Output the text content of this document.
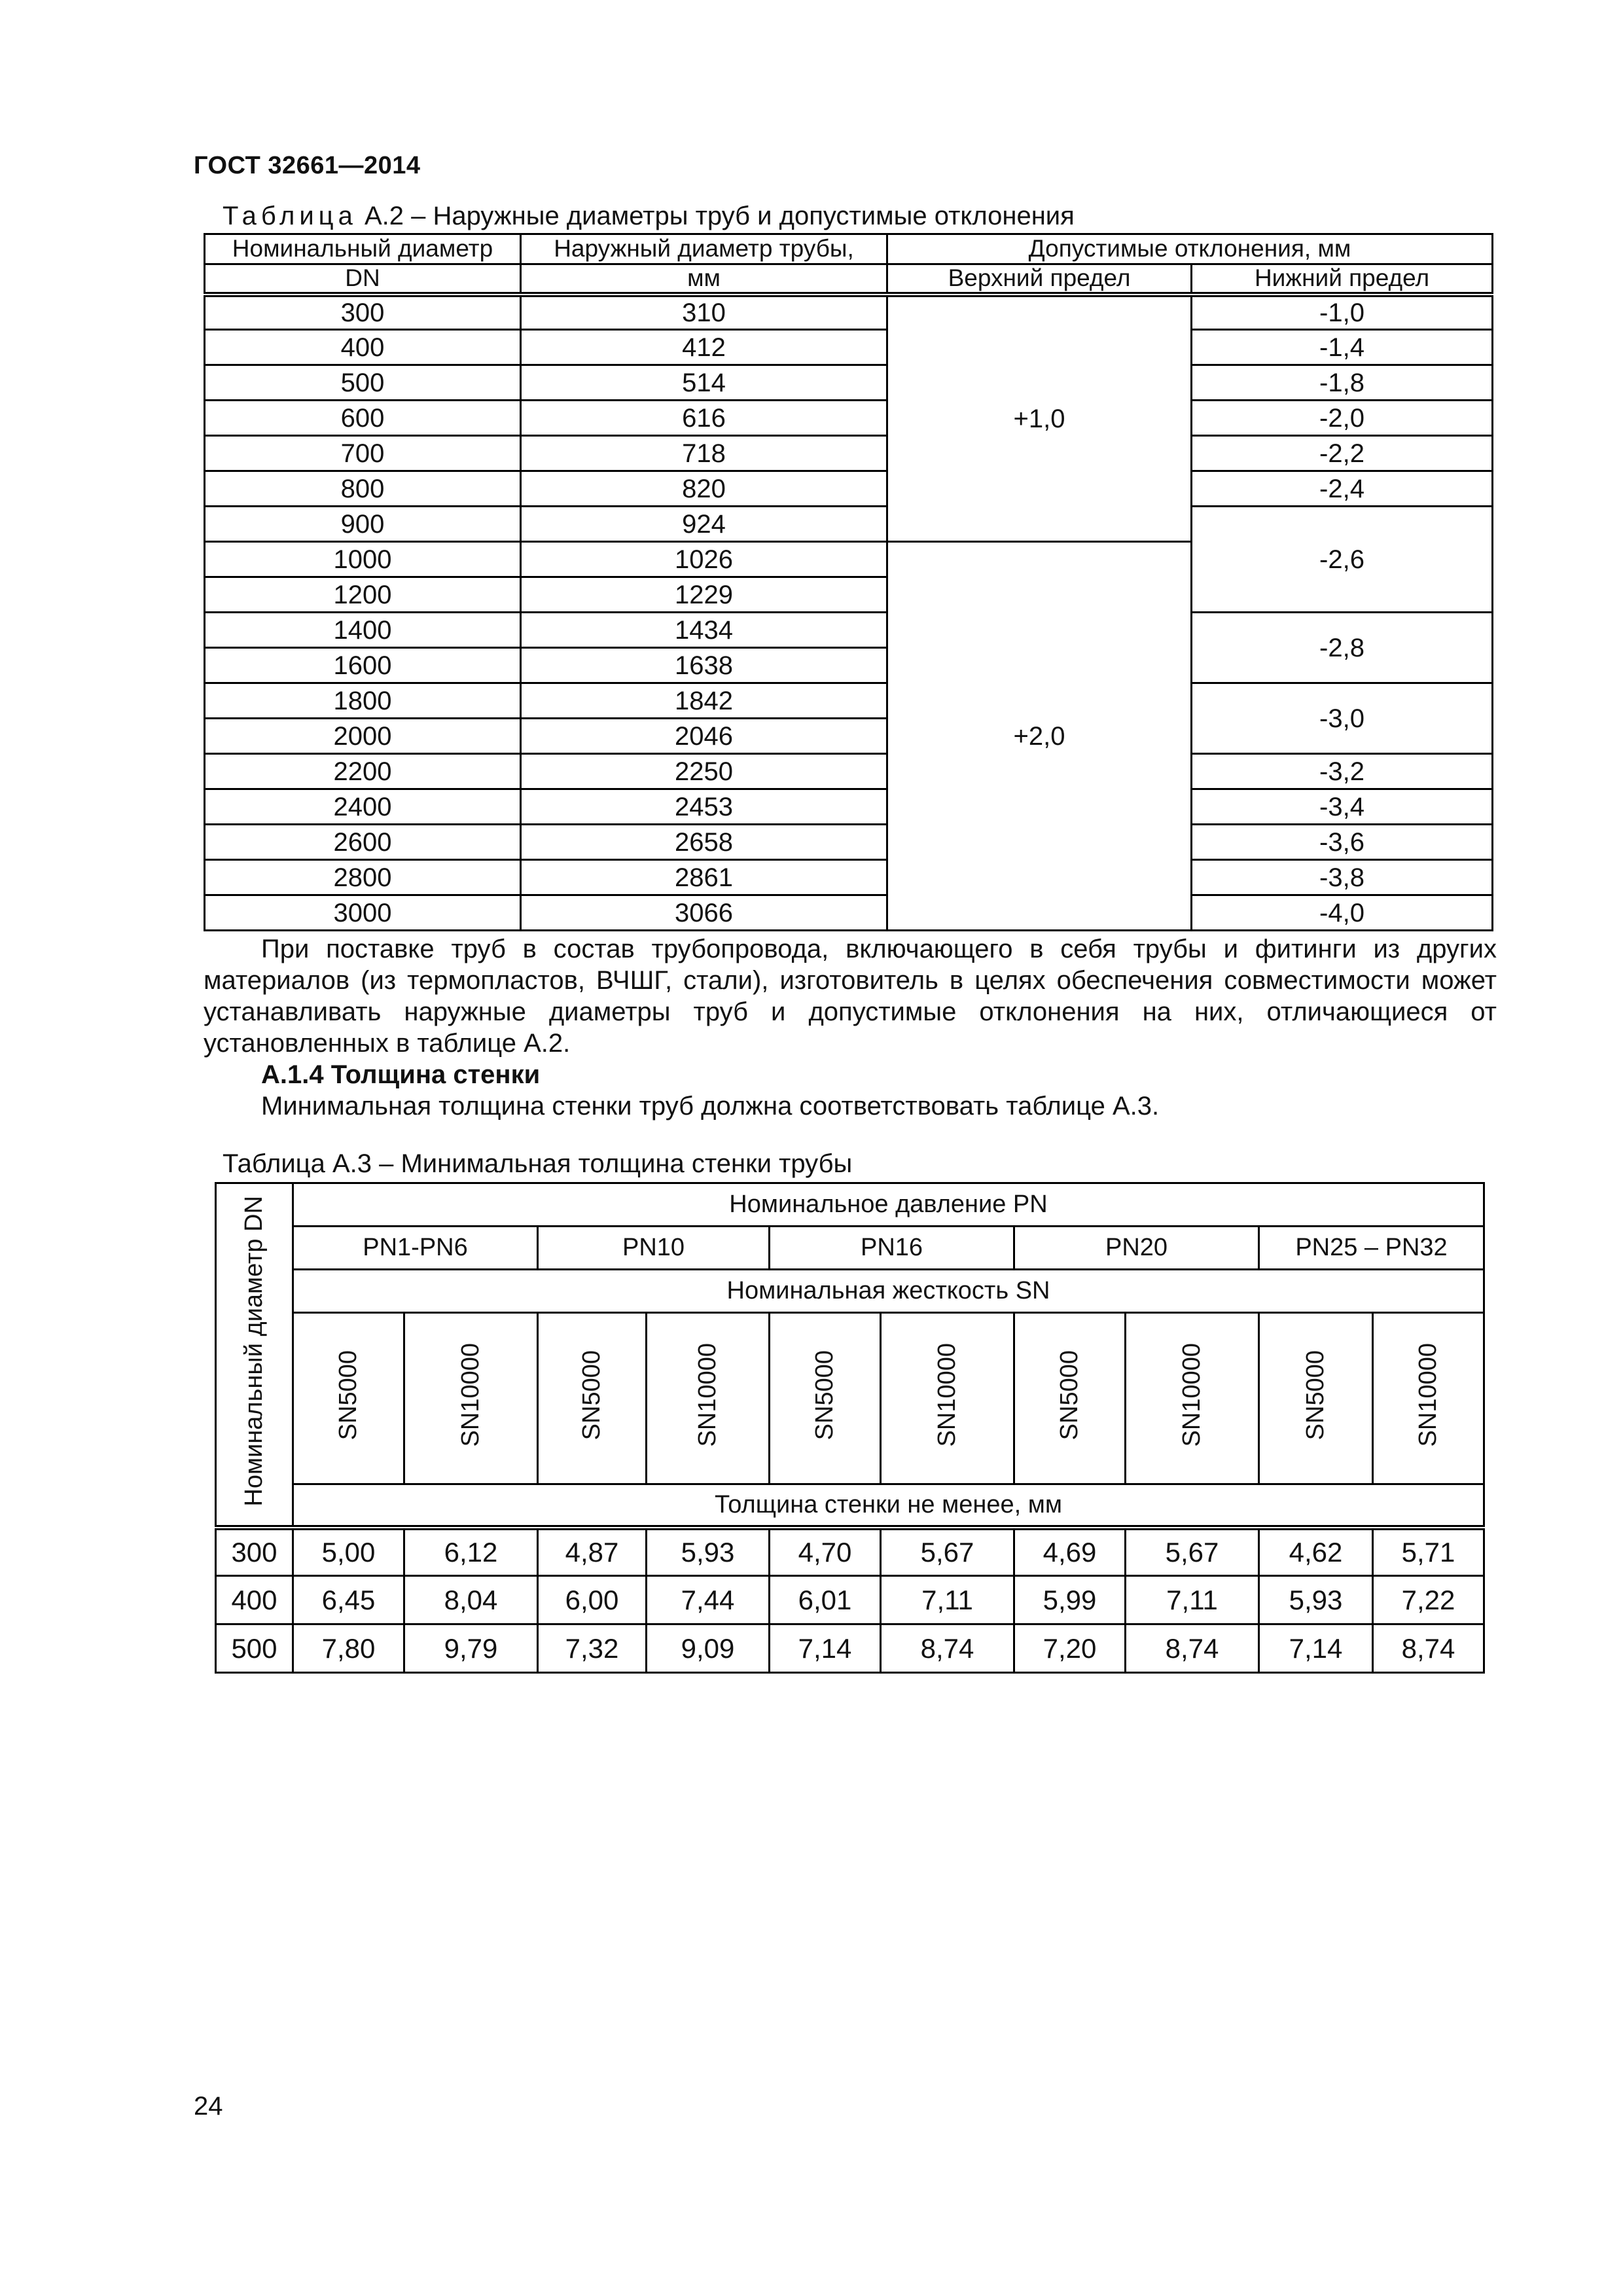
ГОСТ 32661—2014
Таблица А.2 – Наружные диаметры труб и допустимые отклонения
Номинальный диаметр	Наружный диаметр трубы,	Допустимые отклонения, мм	
DN	мм	Верхний предел	Нижний предел
300	310	+1,0	-1,0
400	412		-1,4
500	514		-1,8
600	616		-2,0
700	718		-2,2
800	820		-2,4
900	924		-2,6
1000	1026	+2,0	
1200	1229		
1400	1434		-2,8
1600	1638		
1800	1842		-3,0
2000	2046		
2200	2250		-3,2
2400	2453		-3,4
2600	2658		-3,6
2800	2861		-3,8
3000	3066		-4,0
При поставке труб в состав трубопровода, включающего в себя трубы и фитинги из других материалов (из термопластов, ВЧШГ, стали), изготовитель в целях обеспечения совместимости может устанавливать наружные диаметры труб и допустимые отклонения на них, отличающиеся от установленных в таблице А.2.
А.1.4 Толщина стенки
Минимальная толщина стенки труб должна соответствовать таблице А.3.
Таблица А.3 – Минимальная толщина стенки трубы
Номинальный диаметр DN	Номинальное давление PN									
	PN1-PN6		PN10		PN16		PN20		PN25 – PN32	
	Номинальная жесткость SN									
	SN5000	SN10000	SN5000	SN10000	SN5000	SN10000	SN5000	SN10000	SN5000	SN10000
	Толщина стенки не менее, мм									
300	5,00	6,12	4,87	5,93	4,70	5,67	4,69	5,67	4,62	5,71
400	6,45	8,04	6,00	7,44	6,01	7,11	5,99	7,11	5,93	7,22
500	7,80	9,79	7,32	9,09	7,14	8,74	7,20	8,74	7,14	8,74
24
